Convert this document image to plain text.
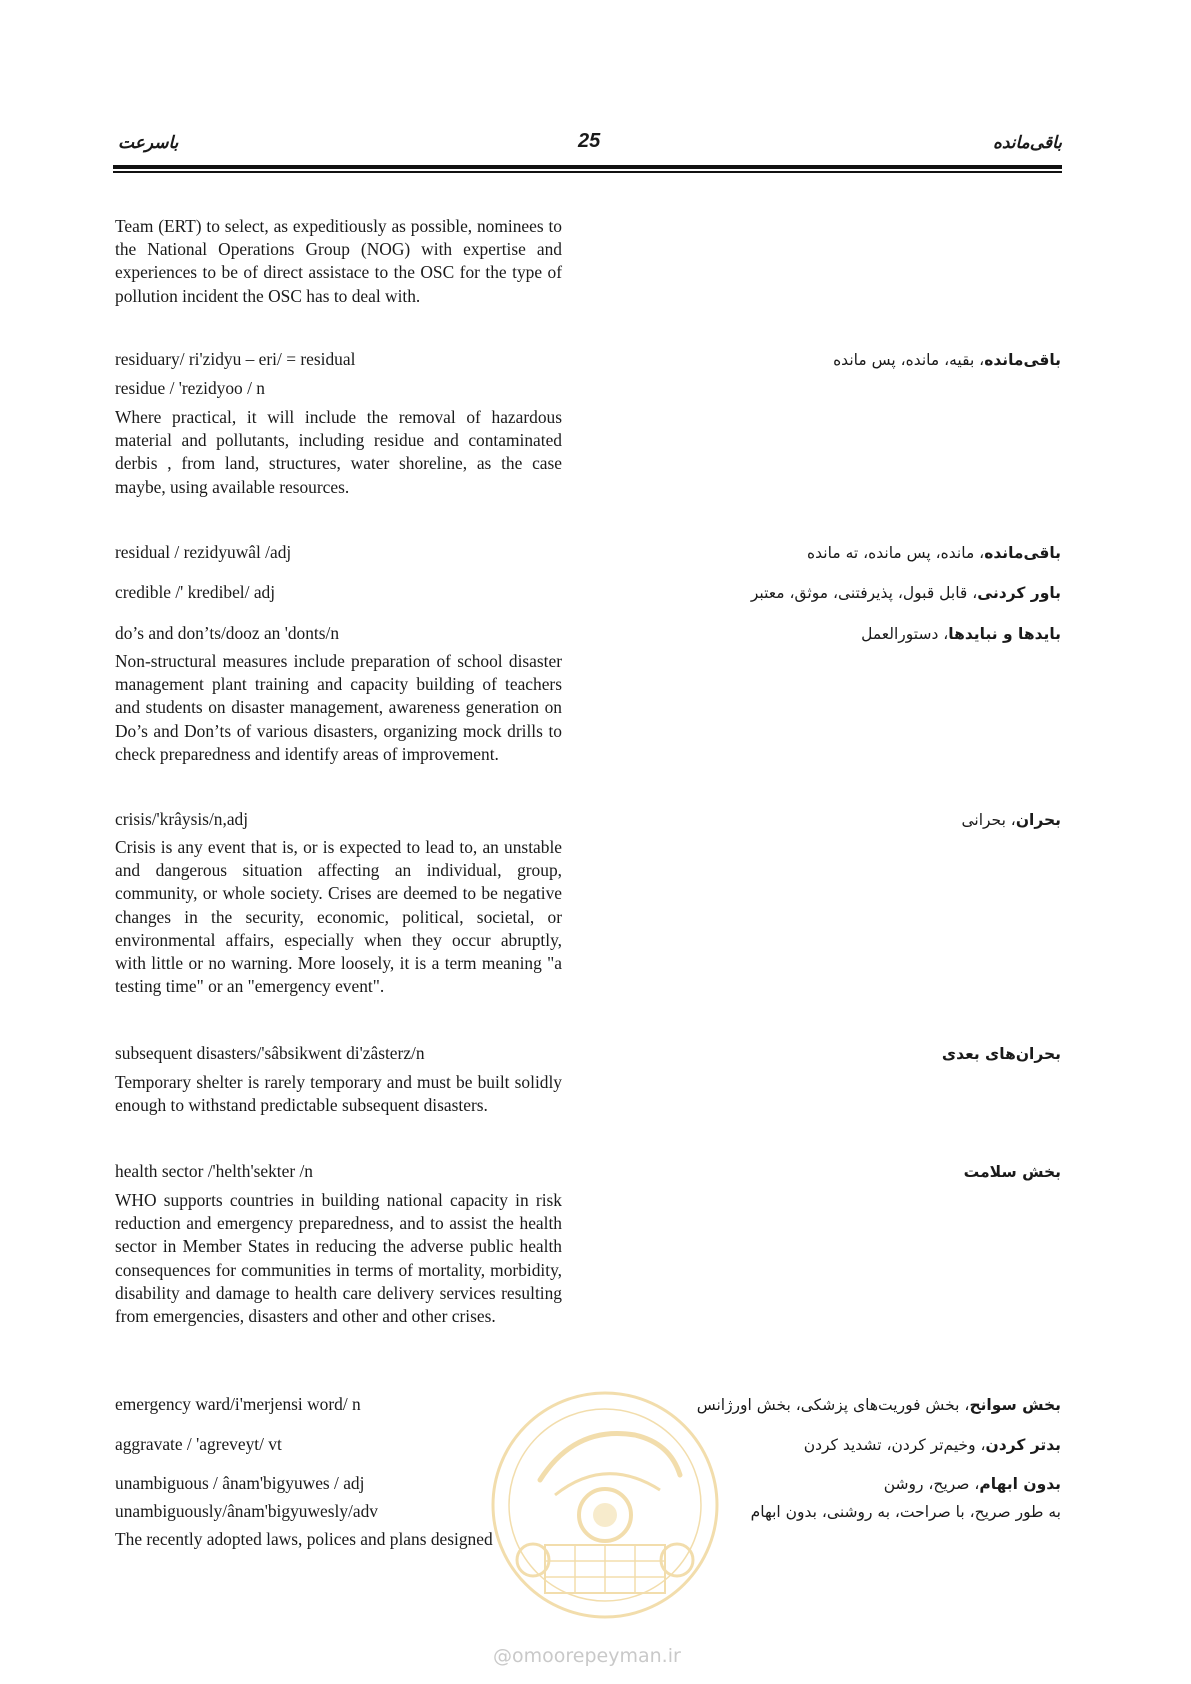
باسرعت	25	باقی‌مانده
Team (ERT) to select, as expeditiously as possible, nominees to the National Operations Group (NOG) with expertise and experiences to be of direct assistace to the OSC for the type of pollution incident the OSC has to deal with.
residuary/ ri'zidyu – eri/ = residual	باقی‌مانده، بقیه، مانده، پس مانده
residue / 'rezidyoo / n
Where practical, it will include the removal of hazardous material and pollutants, including residue and contaminated derbis , from land, structures, water shoreline, as the case maybe, using available resources.
residual / rezidyuwâl /adj	باقی‌مانده، مانده، پس مانده، ته مانده
credible /' kredibel/ adj	باور کردنی، قابل قبول، پذیرفتنی، موثق، معتبر
do’s and don’ts/dooz an 'donts/n	بایدها و نبایدها، دستورالعمل
Non-structural measures include preparation of school disaster management plant training and capacity building of teachers and students on disaster management, awareness generation on Do’s and Don’ts of various disasters, organizing mock drills to check preparedness and identify areas of improvement.
crisis/'krâysis/n,adj	بحران، بحرانی
Crisis is any event that is, or is expected to lead to, an unstable and dangerous situation affecting an individual, group, community, or whole society. Crises are deemed to be negative changes in the security, economic, political, societal, or environmental affairs, especially when they occur abruptly, with little or no warning. More loosely, it is a term meaning "a testing time" or an "emergency event".
subsequent disasters/'sâbsikwent di'zâsterz/n	بحران‌های بعدی
Temporary shelter is rarely temporary and must be built solidly enough to withstand predictable subsequent disasters.
health sector /'helth'sekter /n	بخش سلامت
WHO supports countries in building national capacity in risk reduction and emergency preparedness, and to assist the health sector in Member States in reducing the adverse public health consequences for communities in terms of mortality, morbidity, disability and damage to health care delivery services resulting from emergencies, disasters and other and other crises.
emergency ward/i'merjensi word/ n	بخش سوانح، بخش فوریت‌های پزشکی، بخش اورژانس
aggravate / 'agreveyt/ vt	بدتر کردن، وخیم‌تر کردن، تشدید کردن
unambiguous / ânam'bigyuwes / adj	بدون ابهام، صریح، روشن
unambiguously/ânam'bigyuwesly/adv	به طور صریح، با صراحت، به روشنی، بدون ابهام
The recently adopted laws, polices and plans designed
@omoorepeyman.ir
